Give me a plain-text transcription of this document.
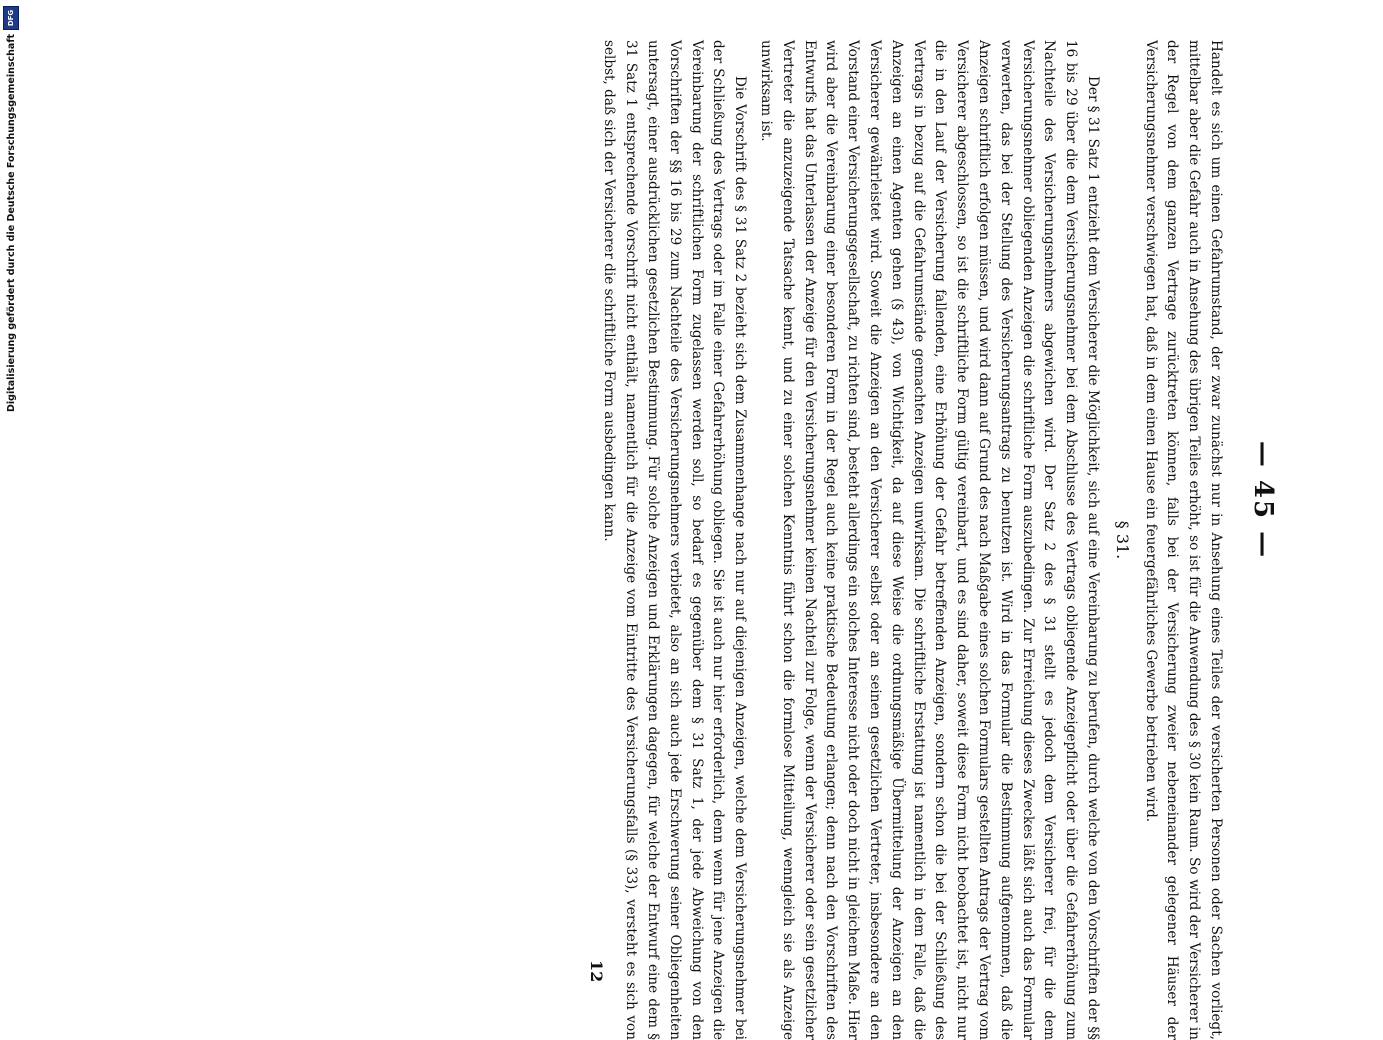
— 45 —

Handelt es sich um einen Gefahrumstand, der zwar zunächst nur in Ansehung eines Teiles der versicherten Personen oder Sachen vorliegt, mittelbar aber die Gefahr auch in Ansehung des übrigen Teiles erhöht, so ist für die Anwendung des § 30 kein Raum. So wird der Versicherer in der Regel von dem ganzen Vertrage zurücktreten können, falls bei der Versicherung zweier nebeneinander gelegener Häuser der Versicherungsnehmer verschwiegen hat, daß in dem einen Hause ein feuergefährliches Gewerbe betrieben wird.

§ 31.

Der § 31 Satz 1 entzieht dem Versicherer die Möglichkeit, sich auf eine Vereinbarung zu berufen, durch welche von den Vorschriften der §§ 16 bis 29 über die dem Versicherungsnehmer bei dem Abschlusse des Vertrags obliegende Anzeigepflicht oder über die Gefahrerhöhung zum Nachteile des Versicherungsnehmers abgewichen wird. Der Satz 2 des § 31 stellt es jedoch dem Versicherer frei, für die dem Versicherungsnehmer obliegenden Anzeigen die schriftliche Form auszubedingen. Zur Erreichung dieses Zweckes läßt sich auch das Formular verwerten, das bei der Stellung des Versicherungsantrags zu benutzen ist. Wird in das Formular die Bestimmung aufgenommen, daß die Anzeigen schriftlich erfolgen müssen, und wird dann auf Grund des nach Maßgabe eines solchen Formulars gestellten Antrags der Vertrag vom Versicherer abgeschlossen, so ist die schriftliche Form gültig vereinbart, und es sind daher, soweit diese Form nicht beobachtet ist, nicht nur die in den Lauf der Versicherung fallenden, eine Erhöhung der Gefahr betreffenden Anzeigen, sondern schon die bei der Schließung des Vertrags in bezug auf die Gefahrumstände gemachten Anzeigen unwirksam. Die schriftliche Erstattung ist namentlich in dem Falle, daß die Anzeigen an einen Agenten gehen (§ 43), von Wichtigkeit, da auf diese Weise die ordnungsmäßige Übermittelung der Anzeigen an den Versicherer gewährleistet wird. Soweit die Anzeigen an den Versicherer selbst oder an seinen gesetzlichen Vertreter, insbesondere an den Vorstand einer Versicherungsgesellschaft, zu richten sind, besteht allerdings ein solches Interesse nicht oder doch nicht in gleichem Maße. Hier wird aber die Vereinbarung einer besonderen Form in der Regel auch keine praktische Bedeutung erlangen; denn nach den Vorschriften des Entwurfs hat das Unterlassen der Anzeige für den Versicherungsnehmer keinen Nachteil zur Folge, wenn der Versicherer oder sein gesetzlicher Vertreter die anzuzeigende Tatsache kennt, und zu einer solchen Kenntnis führt schon die formlose Mitteilung, wenngleich sie als Anzeige unwirksam ist.

Die Vorschrift des § 31 Satz 2 bezieht sich dem Zusammenhange nach nur auf diejenigen Anzeigen, welche dem Versicherungsnehmer bei der Schließung des Vertrags oder im Falle einer Gefahrerhöhung obliegen. Sie ist auch nur hier erforderlich, denn wenn für jene Anzeigen die Vereinbarung der schriftlichen Form zugelassen werden soll, so bedarf es gegenüber dem § 31 Satz 1, der jede Abweichung von den Vorschriften der §§ 16 bis 29 zum Nachteile des Versicherungsnehmers verbietet, also an sich auch jede Erschwerung seiner Obliegenheiten untersagt, einer ausdrücklichen gesetzlichen Bestimmung. Für solche Anzeigen und Erklärungen dagegen, für welche der Entwurf eine dem § 31 Satz 1 entsprechende Vorschrift nicht enthält, namentlich für die Anzeige vom Eintritte des Versicherungsfalls (§ 33), versteht es sich von selbst, daß sich der Versicherer die schriftliche Form ausbedingen kann.

12
Digitalisierung gefördert durch die Deutsche Forschungsgemeinschaft
DFG
